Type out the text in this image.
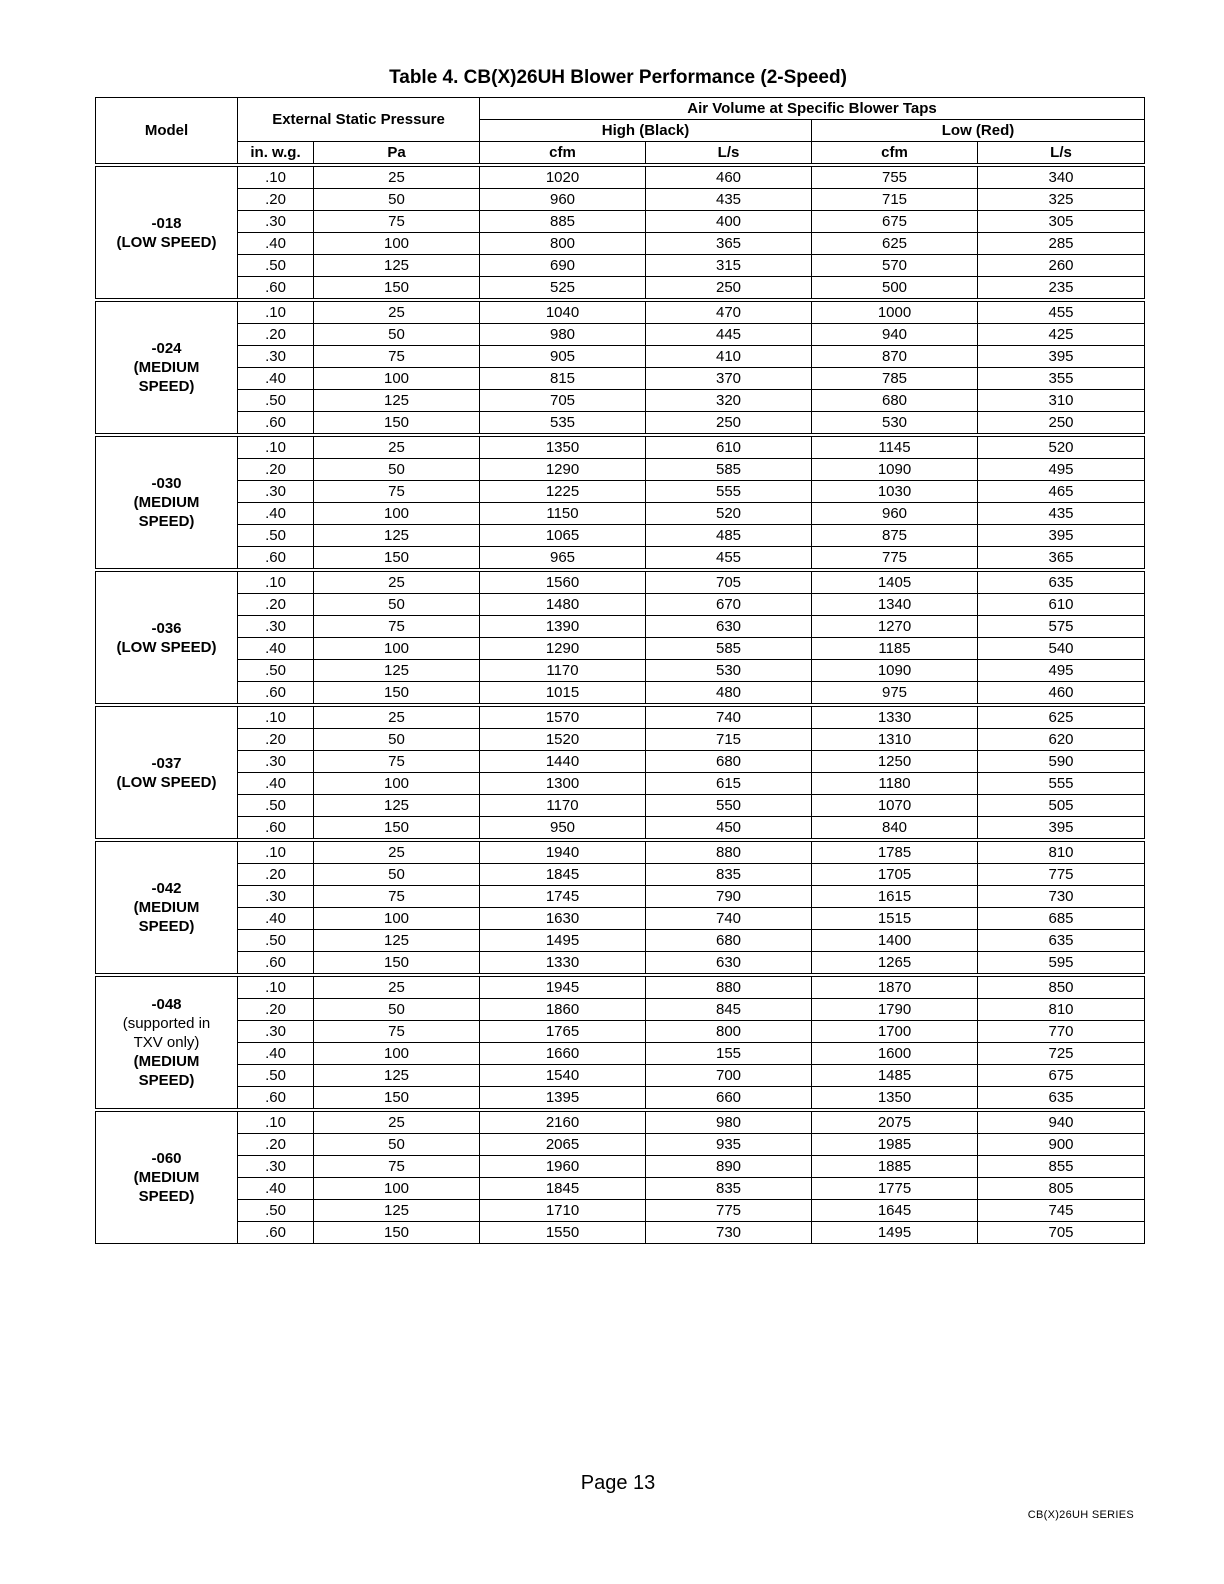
Table 4. CB(X)26UH Blower Performance (2-Speed)
Model	External Static Pressure		Air Volume at Specific Blower Taps			
			High (Black)		Low (Red)	
	in. w.g.	Pa	cfm	L/s	cfm	L/s

-018
(LOW SPEED)	.10	25	1020	460	755	340
	.20	50	960	435	715	325
	.30	75	885	400	675	305
	.40	100	800	365	625	285
	.50	125	690	315	570	260
	.60	150	525	250	500	235

-024
(MEDIUM
SPEED)	.10	25	1040	470	1000	455
	.20	50	980	445	940	425
	.30	75	905	410	870	395
	.40	100	815	370	785	355
	.50	125	705	320	680	310
	.60	150	535	250	530	250

-030
(MEDIUM
SPEED)	.10	25	1350	610	1145	520
	.20	50	1290	585	1090	495
	.30	75	1225	555	1030	465
	.40	100	1150	520	960	435
	.50	125	1065	485	875	395
	.60	150	965	455	775	365

-036
(LOW SPEED)	.10	25	1560	705	1405	635
	.20	50	1480	670	1340	610
	.30	75	1390	630	1270	575
	.40	100	1290	585	1185	540
	.50	125	1170	530	1090	495
	.60	150	1015	480	975	460

-037
(LOW SPEED)	.10	25	1570	740	1330	625
	.20	50	1520	715	1310	620
	.30	75	1440	680	1250	590
	.40	100	1300	615	1180	555
	.50	125	1170	550	1070	505
	.60	150	950	450	840	395

-042
(MEDIUM
SPEED)	.10	25	1940	880	1785	810
	.20	50	1845	835	1705	775
	.30	75	1745	790	1615	730
	.40	100	1630	740	1515	685
	.50	125	1495	680	1400	635
	.60	150	1330	630	1265	595

-048
(supported in
TXV only)
(MEDIUM
SPEED)	.10	25	1945	880	1870	850
	.20	50	1860	845	1790	810
	.30	75	1765	800	1700	770
	.40	100	1660	155	1600	725
	.50	125	1540	700	1485	675
	.60	150	1395	660	1350	635

-060
(MEDIUM
SPEED)	.10	25	2160	980	2075	940
	.20	50	2065	935	1985	900
	.30	75	1960	890	1885	855
	.40	100	1845	835	1775	805
	.50	125	1710	775	1645	745
	.60	150	1550	730	1495	705
Page 13
CB(X)26UH SERIES
